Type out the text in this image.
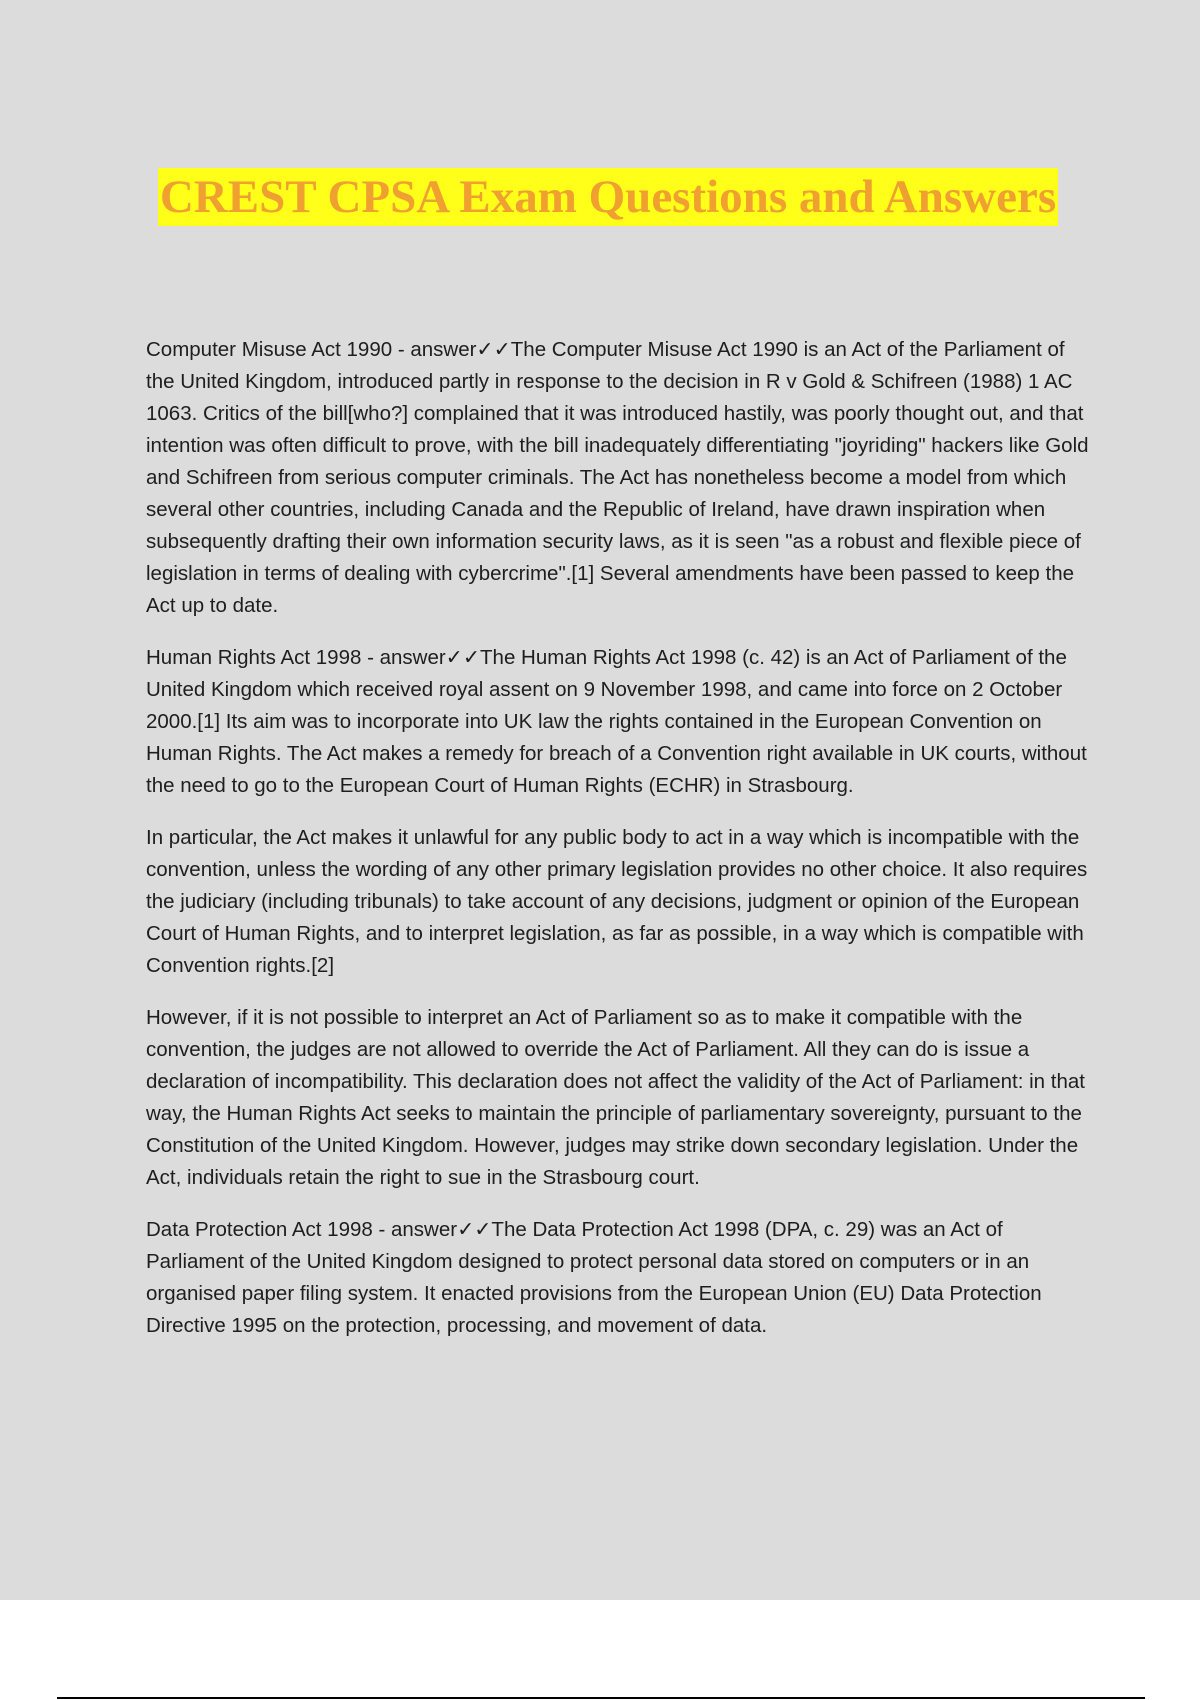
CREST CPSA Exam Questions and Answers

Computer Misuse Act 1990 - answer✓✓The Computer Misuse Act 1990 is an Act of the Parliament of the United Kingdom, introduced partly in response to the decision in R v Gold & Schifreen (1988) 1 AC 1063. Critics of the bill[who?] complained that it was introduced hastily, was poorly thought out, and that intention was often difficult to prove, with the bill inadequately differentiating "joyriding" hackers like Gold and Schifreen from serious computer criminals. The Act has nonetheless become a model from which several other countries, including Canada and the Republic of Ireland, have drawn inspiration when subsequently drafting their own information security laws, as it is seen "as a robust and flexible piece of legislation in terms of dealing with cybercrime".[1] Several amendments have been passed to keep the Act up to date.

Human Rights Act 1998 - answer✓✓The Human Rights Act 1998 (c. 42) is an Act of Parliament of the United Kingdom which received royal assent on 9 November 1998, and came into force on 2 October 2000.[1] Its aim was to incorporate into UK law the rights contained in the European Convention on Human Rights. The Act makes a remedy for breach of a Convention right available in UK courts, without the need to go to the European Court of Human Rights (ECHR) in Strasbourg.

In particular, the Act makes it unlawful for any public body to act in a way which is incompatible with the convention, unless the wording of any other primary legislation provides no other choice. It also requires the judiciary (including tribunals) to take account of any decisions, judgment or opinion of the European Court of Human Rights, and to interpret legislation, as far as possible, in a way which is compatible with Convention rights.[2]

However, if it is not possible to interpret an Act of Parliament so as to make it compatible with the convention, the judges are not allowed to override the Act of Parliament. All they can do is issue a declaration of incompatibility. This declaration does not affect the validity of the Act of Parliament: in that way, the Human Rights Act seeks to maintain the principle of parliamentary sovereignty, pursuant to the Constitution of the United Kingdom. However, judges may strike down secondary legislation. Under the Act, individuals retain the right to sue in the Strasbourg court.

Data Protection Act 1998 - answer✓✓The Data Protection Act 1998 (DPA, c. 29) was an Act of Parliament of the United Kingdom designed to protect personal data stored on computers or in an organised paper filing system. It enacted provisions from the European Union (EU) Data Protection Directive 1995 on the protection, processing, and movement of data.
